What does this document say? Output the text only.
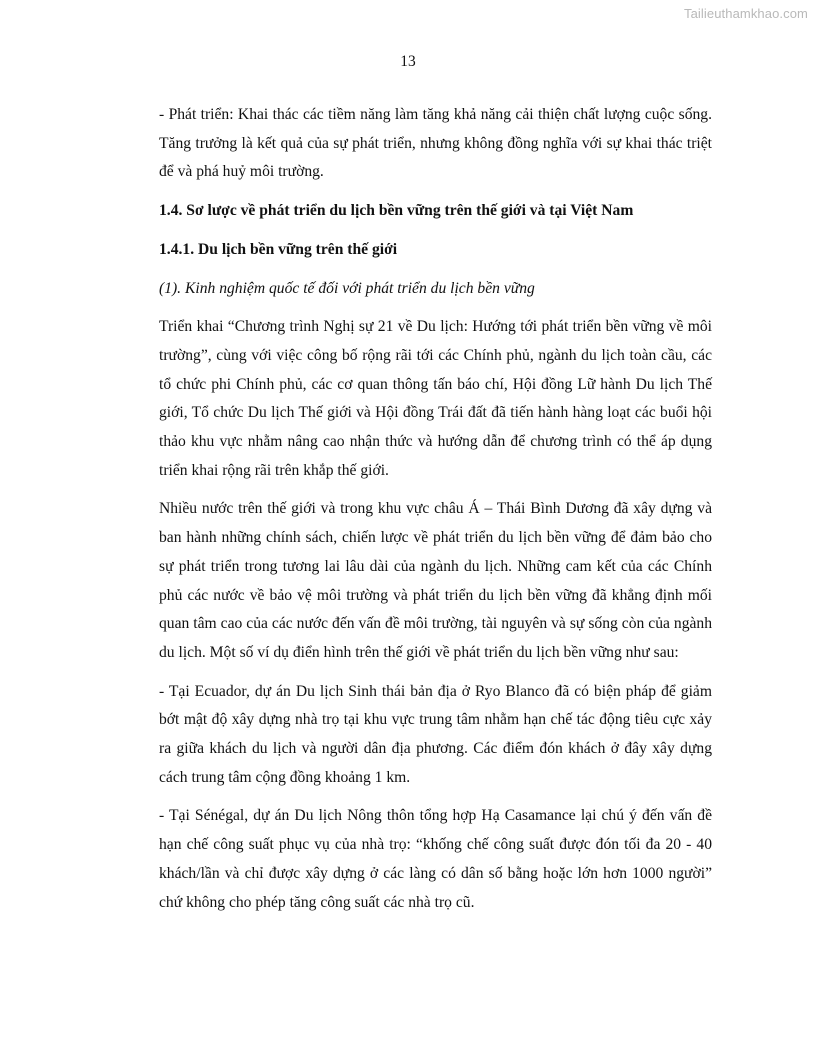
Tailieuthamkhao.com
13

- Phát triển: Khai thác các tiềm năng làm tăng khả năng cải thiện chất lượng cuộc sống. Tăng trưởng là kết quả của sự phát triển, nhưng không đồng nghĩa với sự khai thác triệt để và phá huỷ môi trường.

1.4. Sơ lược về phát triển du lịch bền vững trên thế giới và tại Việt Nam

1.4.1. Du lịch bền vững trên thế giới

(1). Kinh nghiệm quốc tế đối với phát triển du lịch bền vững

Triển khai “Chương trình Nghị sự 21 về Du lịch: Hướng tới phát triển bền vững về môi trường”, cùng với việc công bố rộng rãi tới các Chính phủ, ngành du lịch toàn cầu, các tổ chức phi Chính phủ, các cơ quan thông tấn báo chí, Hội đồng Lữ hành Du lịch Thế giới, Tổ chức Du lịch Thế giới và Hội đồng Trái đất đã tiến hành hàng loạt các buổi hội thảo khu vực nhằm nâng cao nhận thức và hướng dẫn để chương trình có thể áp dụng triển khai rộng rãi trên khắp thế giới.

Nhiều nước trên thế giới và trong khu vực châu Á – Thái Bình Dương đã xây dựng và ban hành những chính sách, chiến lược về phát triển du lịch bền vững để đảm bảo cho sự phát triển trong tương lai lâu dài của ngành du lịch. Những cam kết của các Chính phủ các nước về bảo vệ môi trường và phát triển du lịch bền vững đã khẳng định mối quan tâm cao của các nước đến vấn đề môi trường, tài nguyên và sự sống còn của ngành du lịch. Một số ví dụ điển hình trên thế giới về phát triển du lịch bền vững như sau:

- Tại Ecuador, dự án Du lịch Sinh thái bản địa ở Ryo Blanco đã có biện pháp để giảm bớt mật độ xây dựng nhà trọ tại khu vực trung tâm nhằm hạn chế tác động tiêu cực xảy ra giữa khách du lịch và người dân địa phương. Các điểm đón khách ở đây xây dựng cách trung tâm cộng đồng khoảng 1 km.

- Tại Sénégal, dự án Du lịch Nông thôn tổng hợp Hạ Casamance lại chú ý đến vấn đề hạn chế công suất phục vụ của nhà trọ: “khống chế công suất được đón tối đa 20 - 40 khách/lần và chỉ được xây dựng ở các làng có dân số bằng hoặc lớn hơn 1000 người” chứ không cho phép tăng công suất các nhà trọ cũ.
